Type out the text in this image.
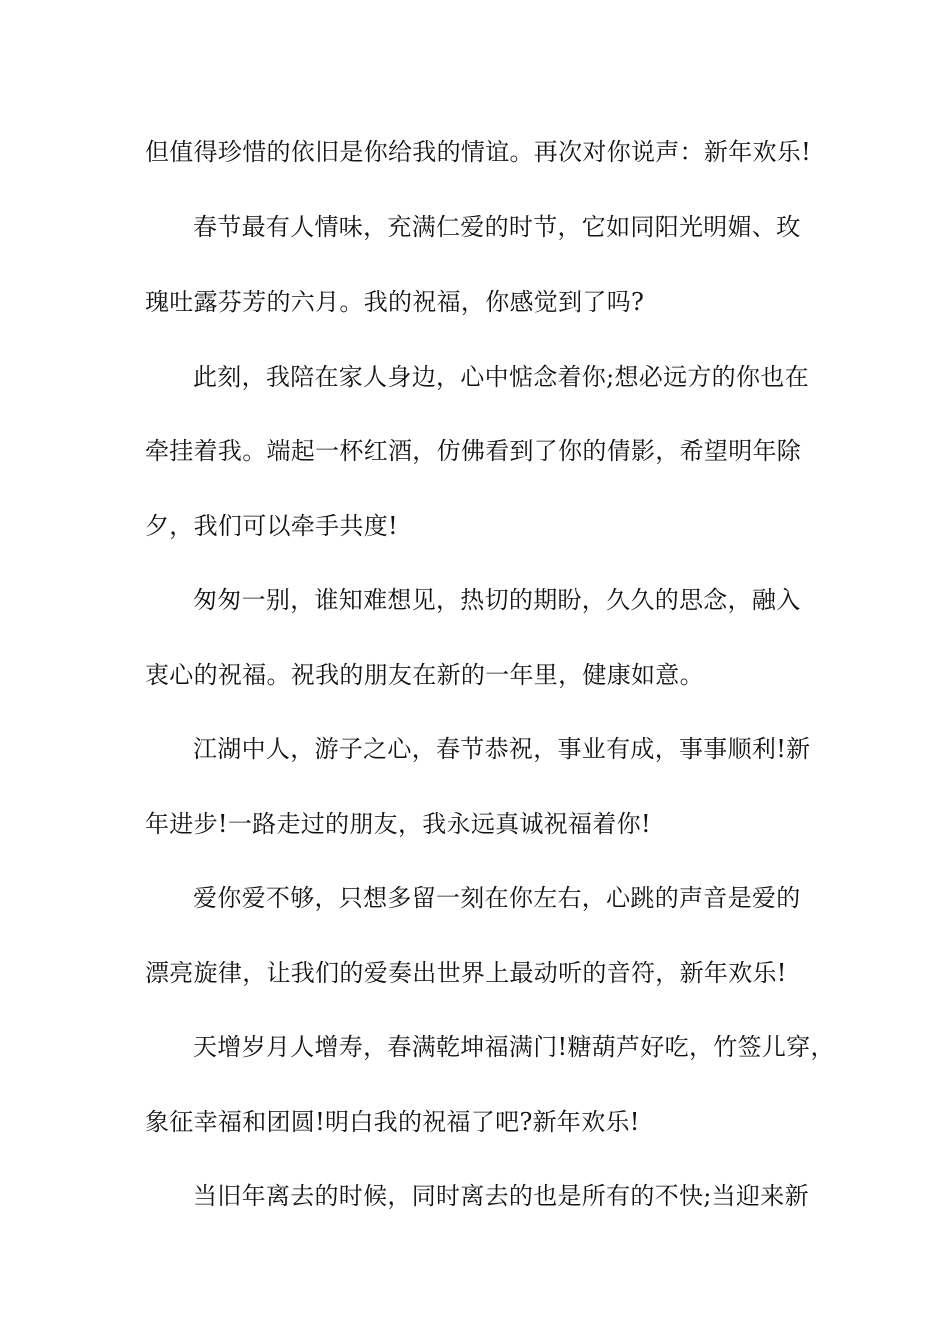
但值得珍惜的依旧是你给我的情谊。再次对你说声：新年欢乐!
春节最有人情味，充满仁爱的时节，它如同阳光明媚、玫
瑰吐露芬芳的六月。我的祝福，你感觉到了吗?
此刻，我陪在家人身边，心中惦念着你;想必远方的你也在
牵挂着我。端起一杯红酒，仿佛看到了你的倩影，希望明年除
夕，我们可以牵手共度!
匆匆一别，谁知难想见，热切的期盼，久久的思念，融入
衷心的祝福。祝我的朋友在新的一年里，健康如意。
江湖中人，游子之心，春节恭祝，事业有成，事事顺利!新
年进步!一路走过的朋友，我永远真诚祝福着你!
爱你爱不够，只想多留一刻在你左右，心跳的声音是爱的
漂亮旋律，让我们的爱奏出世界上最动听的音符，新年欢乐!
天增岁月人增寿，春满乾坤福满门!糖葫芦好吃，竹签儿穿，
象征幸福和团圆!明白我的祝福了吧?新年欢乐!
当旧年离去的时候，同时离去的也是所有的不快;当迎来新
